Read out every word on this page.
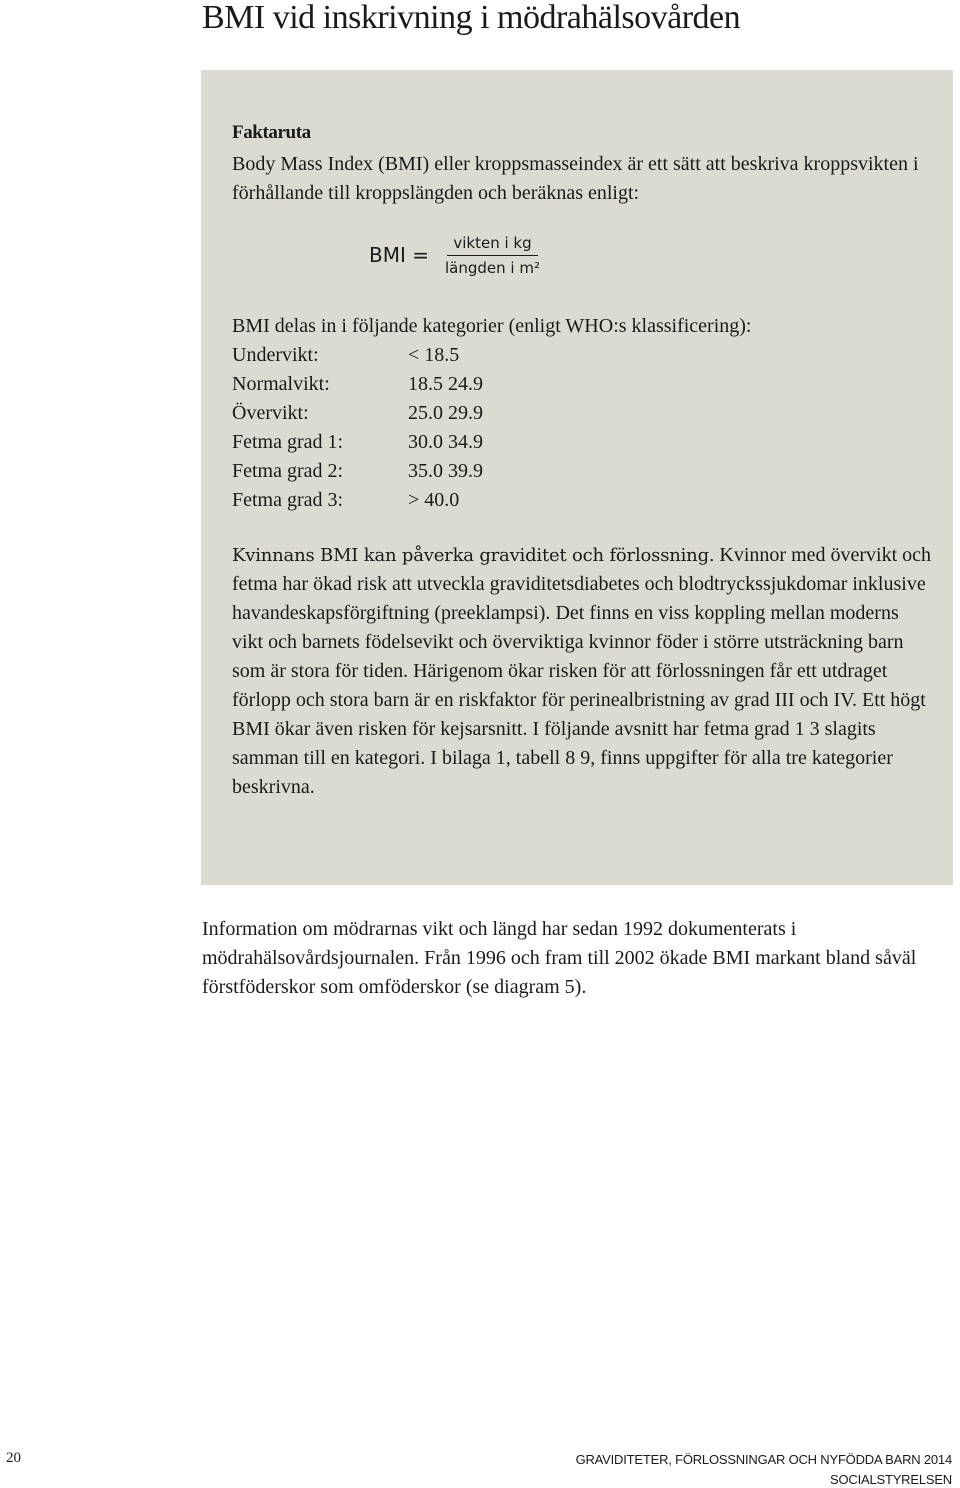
BMI vid inskrivning i mödrahälsovården
Faktaruta
Body Mass Index (BMI) eller kroppsmasseindex är ett sätt att beskriva kroppsvikten i förhållande till kroppslängden och beräknas enligt:
BMI = $\frac{\text{vikten i kg}}{\text{längden i m²}}$
BMI delas in i följande kategorier (enligt WHO:s klassificering):
Undervikt:	< 18.5
Normalvikt:	18.5 24.9
Övervikt:	25.0 29.9
Fetma grad 1:	30.0 34.9
Fetma grad 2:	35.0 39.9
Fetma grad 3:	> 40.0
Kvinnans BMI kan påverka graviditet och förlossning. Kvinnor med övervikt och fetma har ökad risk att utveckla graviditetsdiabetes och blodtryckssjukdomar inklusive havandeskapsförgiftning (preeklampsi). Det finns en viss koppling mellan moderns vikt och barnets födelsevikt och överviktiga kvinnor föder i större utsträckning barn som är stora för tiden. Härigenom ökar risken för att förlossningen får ett utdraget förlopp och stora barn är en riskfaktor för perinealbristning av grad III och IV. Ett högt BMI ökar även risken för kejsarsnitt. I följande avsnitt har fetma grad 1 3 slagits samman till en kategori. I bilaga 1, tabell 8 9, finns uppgifter för alla tre kategorier beskrivna.
Information om mödrarnas vikt och längd har sedan 1992 dokumenterats i mödrahälsovårdsjournalen. Från 1996 och fram till 2002 ökade BMI markant bland såväl förstföderskor som omföderskor (se diagram 5).
20	GRAVIDITETER, FÖRLOSSNINGAR OCH NYFÖDDA BARN 2014
SOCIALSTYRELSEN
